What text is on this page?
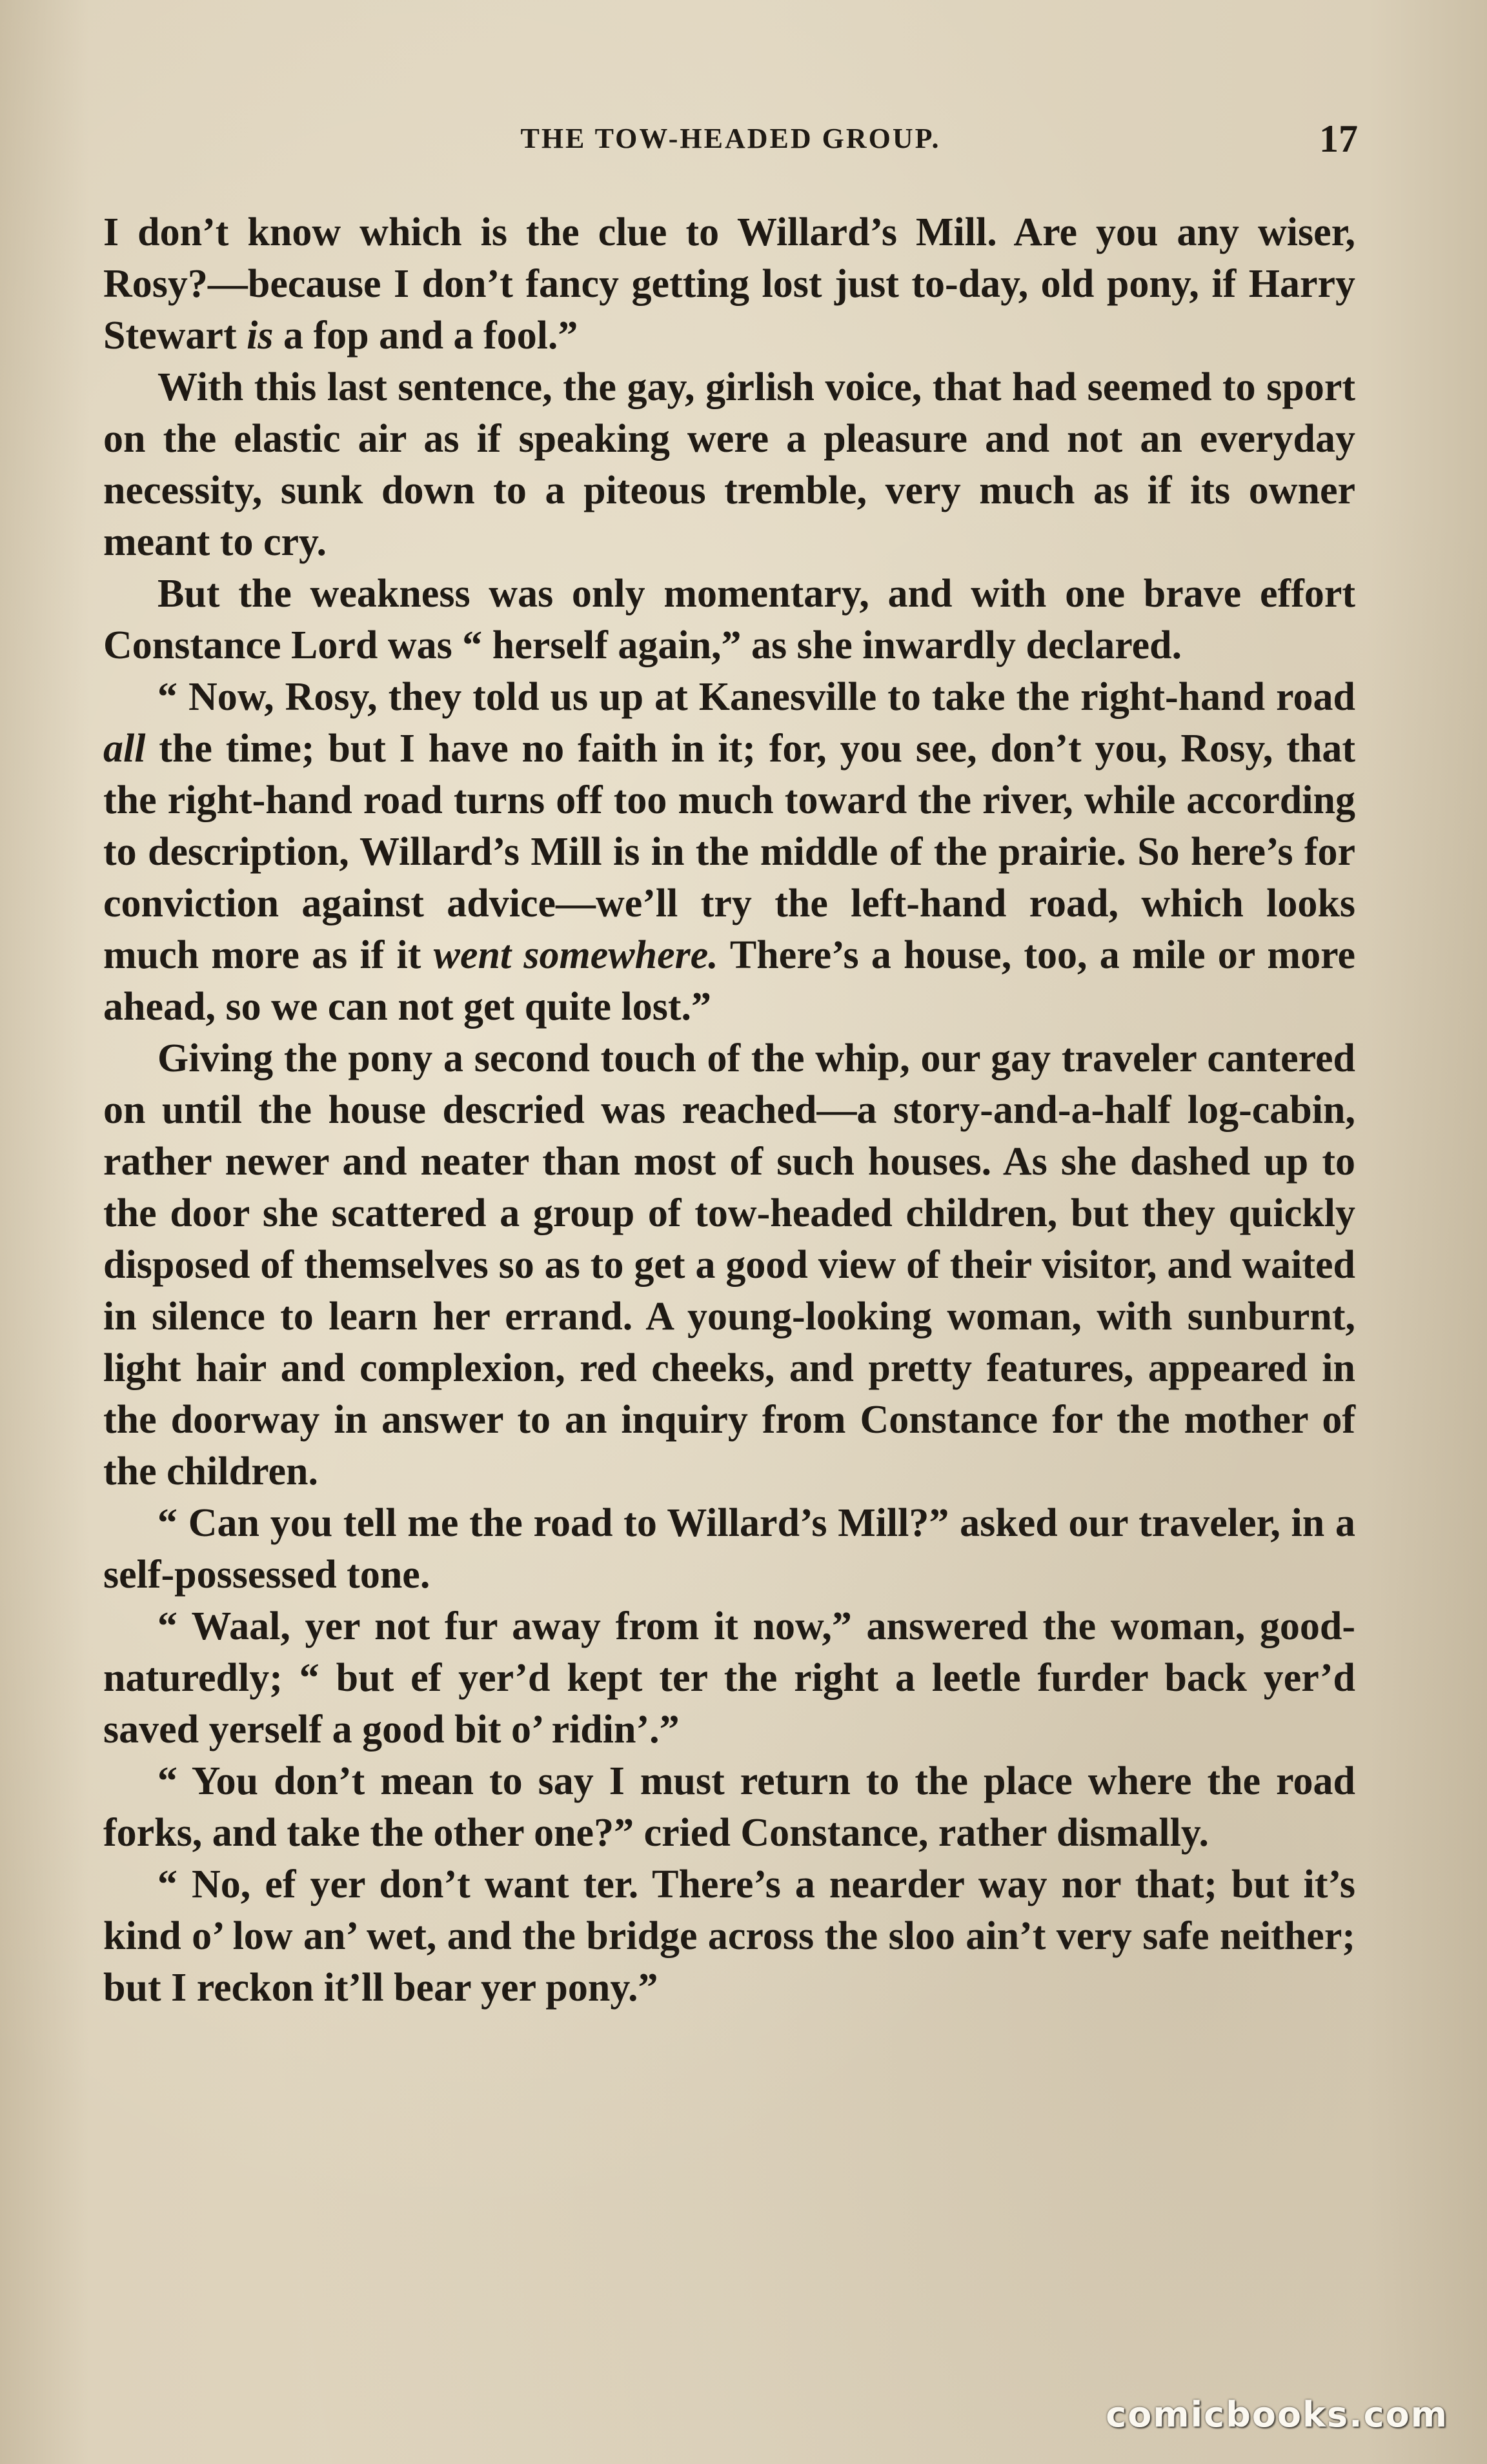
THE TOW-HEADED GROUP.	17

I don’t know which is the clue to Willard’s Mill. Are you any wiser, Rosy?—because I don’t fancy getting lost just to-day, old pony, if Harry Stewart is a fop and a fool.”

With this last sentence, the gay, girlish voice, that had seemed to sport on the elastic air as if speaking were a pleasure and not an everyday necessity, sunk down to a piteous tremble, very much as if its owner meant to cry.

But the weakness was only momentary, and with one brave effort Constance Lord was “ herself again,” as she inwardly declared.

“ Now, Rosy, they told us up at Kanesville to take the right-hand road all the time; but I have no faith in it; for, you see, don’t you, Rosy, that the right-hand road turns off too much toward the river, while according to description, Willard’s Mill is in the middle of the prairie. So here’s for conviction against advice—we’ll try the left-hand road, which looks much more as if it went somewhere. There’s a house, too, a mile or more ahead, so we can not get quite lost.”

Giving the pony a second touch of the whip, our gay traveler cantered on until the house descried was reached—a story-and-a-half log-cabin, rather newer and neater than most of such houses. As she dashed up to the door she scattered a group of tow-headed children, but they quickly disposed of themselves so as to get a good view of their visitor, and waited in silence to learn her errand. A young-looking woman, with sunburnt, light hair and complexion, red cheeks, and pretty features, appeared in the doorway in answer to an inquiry from Constance for the mother of the children.

“ Can you tell me the road to Willard’s Mill?” asked our traveler, in a self-possessed tone.

“ Waal, yer not fur away from it now,” answered the woman, good-naturedly; “ but ef yer’d kept ter the right a leetle furder back yer’d saved yerself a good bit o’ ridin’.”

“ You don’t mean to say I must return to the place where the road forks, and take the other one?” cried Constance, rather dismally.

“ No, ef yer don’t want ter. There’s a nearder way nor that; but it’s kind o’ low an’ wet, and the bridge across the sloo ain’t very safe neither; but I reckon it’ll bear yer pony.”

comicbooks.com
